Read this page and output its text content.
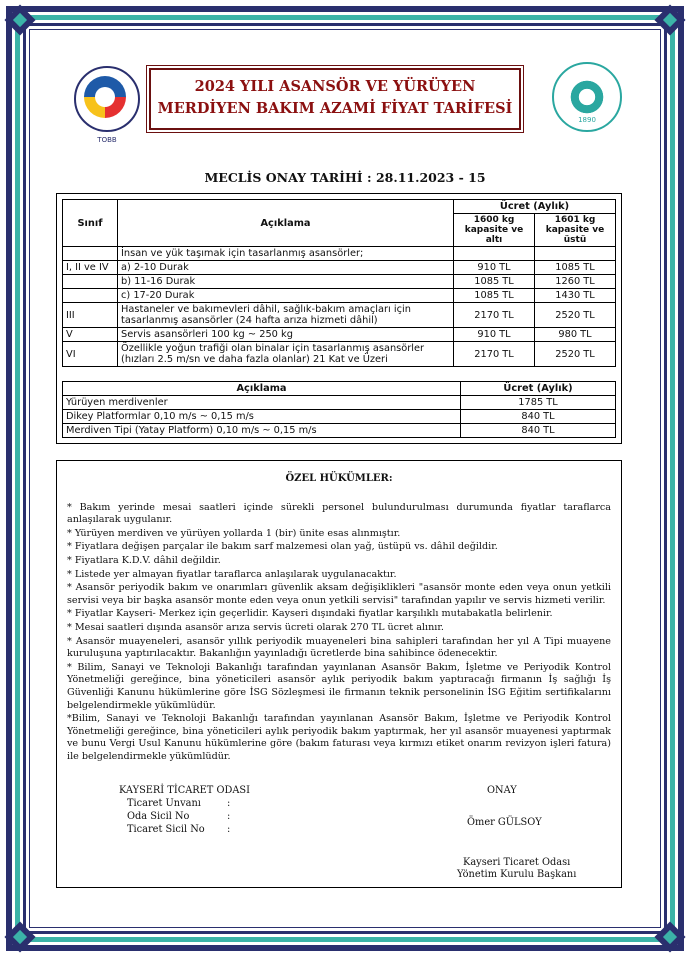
TOBB
2024 YILI ASANSÖR VE YÜRÜYEN
MERDİYEN BAKIM AZAMİ FİYAT TARİFESİ
1890
MECLİS ONAY TARİHİ : 28.11.2023 - 15
Sınıf	Açıklama	Ücret (Aylık)	
		1600 kg kapasite ve altı	1601 kg kapasite ve üstü
	İnsan ve yük taşımak için tasarlanmış asansörler;		
I, II ve IV	a) 2-10 Durak	910 TL	1085 TL
	b) 11-16 Durak	1085 TL	1260 TL
	c) 17-20 Durak	1085 TL	1430 TL
III	Hastaneler ve bakımevleri dâhil, sağlık-bakım amaçları için tasarlanmış asansörler (24 hafta arıza hizmeti dâhil)	2170 TL	2520 TL
V	Servis asansörleri 100 kg ~ 250 kg	910 TL	980 TL
VI	Özellikle yoğun trafiği olan binalar için tasarlanmış asansörler (hızları 2.5 m/sn ve daha fazla olanlar) 21 Kat ve Üzeri	2170 TL	2520 TL
Açıklama	Ücret (Aylık)
Yürüyen merdivenler	1785 TL
Dikey Platformlar 0,10 m/s ~ 0,15 m/s	840 TL
Merdiven Tipi (Yatay Platform) 0,10 m/s ~ 0,15 m/s	840 TL
ÖZEL HÜKÜMLER:

* Bakım yerinde mesai saatleri içinde sürekli personel bulundurulması durumunda fiyatlar taraflarca anlaşılarak uygulanır.

* Yürüyen merdiven ve yürüyen yollarda 1 (bir) ünite esas alınmıştır.

* Fiyatlara değişen parçalar ile bakım sarf malzemesi olan yağ, üstüpü vs. dâhil değildir.

* Fiyatlara K.D.V. dâhil değildir.

* Listede yer almayan fiyatlar taraflarca anlaşılarak uygulanacaktır.

* Asansör periyodik bakım ve onarımları güvenlik aksam değişiklikleri "asansör monte eden veya onun yetkili servisi veya bir başka asansör monte eden veya onun yetkili servisi" tarafından yapılır ve servis hizmeti verilir.

* Fiyatlar Kayseri- Merkez için geçerlidir. Kayseri dışındaki fiyatlar karşılıklı mutabakatla belirlenir.

* Mesai saatleri dışında asansör arıza servis ücreti olarak 270 TL ücret alınır.

* Asansör muayeneleri, asansör yıllık periyodik muayeneleri bina sahipleri tarafından her yıl A Tipi muayene kuruluşuna yaptırılacaktır. Bakanlığın yayınladığı ücretlerde bina sahibince ödenecektir.

* Bilim, Sanayi ve Teknoloji Bakanlığı tarafından yayınlanan Asansör Bakım, İşletme ve Periyodik Kontrol Yönetmeliği gereğince, bina yöneticileri asansör aylık periyodik bakım yaptıracağı firmanın İş sağlığı İş Güvenliği Kanunu hükümlerine göre İSG Sözleşmesi ile firmanın teknik personelinin İSG Eğitim sertifikalarını belgelendirmekle yükümlüdür.

*Bilim, Sanayi ve Teknoloji Bakanlığı tarafından yayınlanan Asansör Bakım, İşletme ve Periyodik Kontrol Yönetmeliği gereğince, bina yöneticileri aylık periyodik bakım yaptırmak, her yıl asansör muayenesi yaptırmak ve bunu Vergi Usul Kanunu hükümlerine göre (bakım faturası veya kırmızı etiket onarım revizyon işleri fatura) ile belgelendirmekle yükümlüdür.

KAYSERİ TİCARET ODASI
Ticaret Unvanı	:
Oda Sicil No	:
Ticaret Sicil No :
ONAY
Ömer GÜLSOY
Kayseri Ticaret Odası
Yönetim Kurulu Başkanı
